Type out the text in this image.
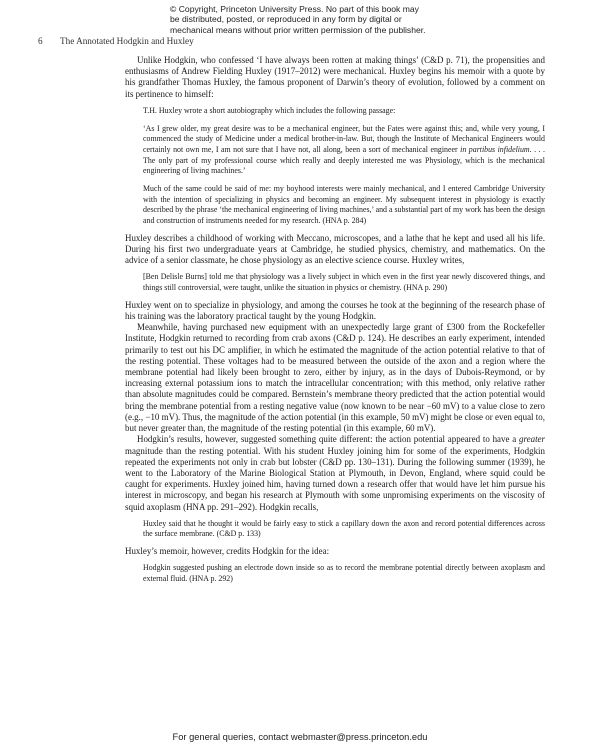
© Copyright, Princeton University Press. No part of this book may be distributed, posted, or reproduced in any form by digital or mechanical means without prior written permission of the publisher.
6 The Annotated Hodgkin and Huxley

Unlike Hodgkin, who confessed ‘I have always been rotten at making things’ (C&D p. 71), the propensities and enthusiasms of Andrew Fielding Huxley (1917–2012) were mechanical. Huxley begins his memoir with a quote by his grandfather Thomas Huxley, the famous proponent of Darwin’s theory of evolution, followed by a comment on its pertinence to himself:

T.H. Huxley wrote a short autobiography which includes the following passage:

‘As I grew older, my great desire was to be a mechanical engineer, but the Fates were against this; and, while very young, I commenced the study of Medicine under a medical brother-in-law. But, though the Institute of Mechanical Engineers would certainly not own me, I am not sure that I have not, all along, been a sort of mechanical engineer in partibus infidelium. . . . The only part of my professional course which really and deeply interested me was Physiology, which is the mechanical engineering of living machines.’

Much of the same could be said of me: my boyhood interests were mainly mechanical, and I entered Cambridge University with the intention of specializing in physics and becoming an engineer. My subsequent interest in physiology is exactly described by the phrase ‘the mechanical engineering of living machines,’ and a substantial part of my work has been the design and construction of instruments needed for my research. (HNA p. 284)

Huxley describes a childhood of working with Meccano, microscopes, and a lathe that he kept and used all his life. During his first two undergraduate years at Cambridge, he studied physics, chemistry, and mathematics. On the advice of a senior classmate, he chose physiology as an elective science course. Huxley writes,

[Ben Delisle Burns] told me that physiology was a lively subject in which even in the first year newly discovered things, and things still controversial, were taught, unlike the situation in physics or chemistry. (HNA p. 290)

Huxley went on to specialize in physiology, and among the courses he took at the beginning of the research phase of his training was the laboratory practical taught by the young Hodgkin.

Meanwhile, having purchased new equipment with an unexpectedly large grant of £300 from the Rockefeller Institute, Hodgkin returned to recording from crab axons (C&D p. 124). He describes an early experiment, intended primarily to test out his DC amplifier, in which he estimated the magnitude of the action potential relative to that of the resting potential. These voltages had to be measured between the outside of the axon and a region where the membrane potential had likely been brought to zero, either by injury, as in the days of Dubois-Reymond, or by increasing external potassium ions to match the intracellular concentration; with this method, only relative rather than absolute magnitudes could be compared. Bernstein’s membrane theory predicted that the action potential would bring the membrane potential from a resting negative value (now known to be near −60 mV) to a value close to zero (e.g., −10 mV). Thus, the magnitude of the action potential (in this example, 50 mV) might be close or even equal to, but never greater than, the magnitude of the resting potential (in this example, 60 mV).

Hodgkin’s results, however, suggested something quite different: the action potential appeared to have a greater magnitude than the resting potential. With his student Huxley joining him for some of the experiments, Hodgkin repeated the experiments not only in crab but lobster (C&D pp. 130–131). During the following summer (1939), he went to the Laboratory of the Marine Biological Station at Plymouth, in Devon, England, where squid could be caught for experiments. Huxley joined him, having turned down a research offer that would have let him pursue his interest in microscopy, and began his research at Plymouth with some unpromising experiments on the viscosity of squid axoplasm (HNA pp. 291–292). Hodgkin recalls,

Huxley said that he thought it would be fairly easy to stick a capillary down the axon and record potential differences across the surface membrane. (C&D p. 133)

Huxley’s memoir, however, credits Hodgkin for the idea:

Hodgkin suggested pushing an electrode down inside so as to record the membrane potential directly between axoplasm and external fluid. (HNA p. 292)

For general queries, contact webmaster@press.princeton.edu
